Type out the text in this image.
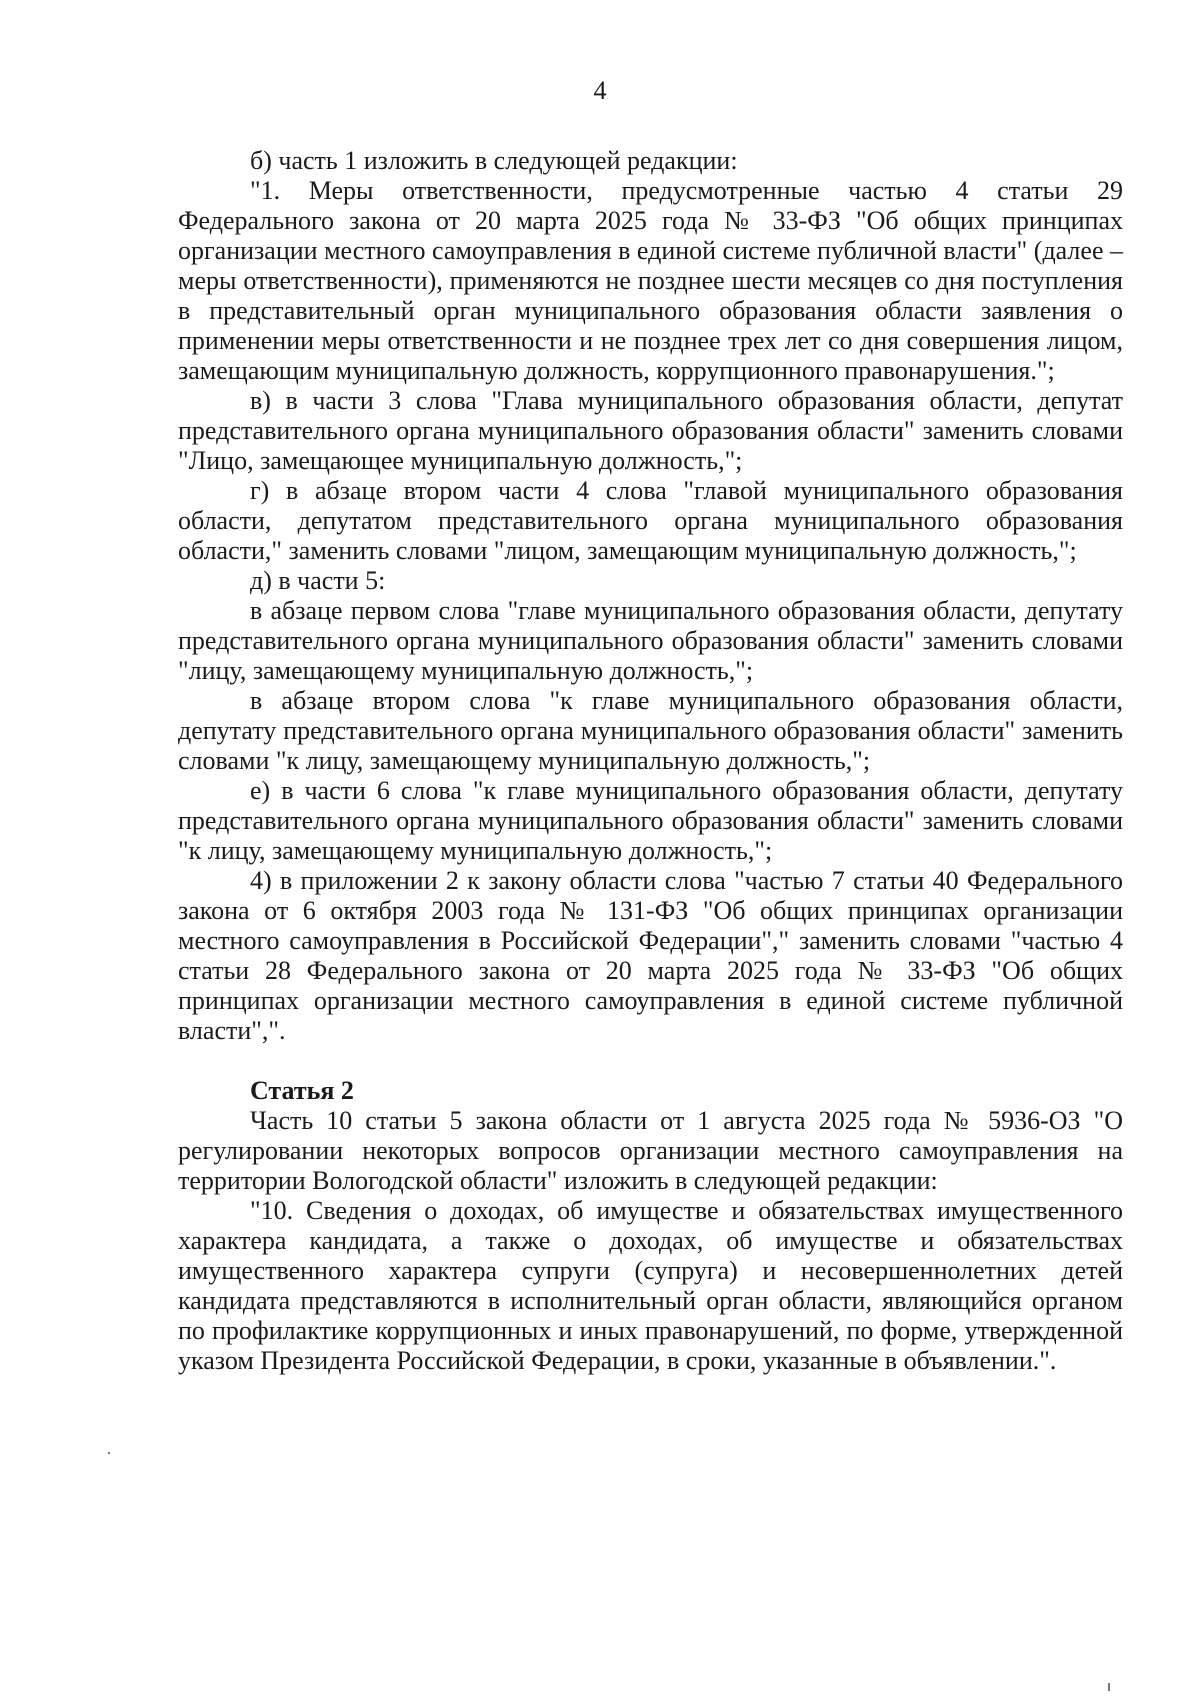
4

б) часть 1 изложить в следующей редакции:

"1. Меры ответственности, предусмотренные частью 4 статьи 29 Федерального закона от 20 марта 2025 года № 33-ФЗ "Об общих принципах организации местного самоуправления в единой системе публичной власти" (далее – меры ответственности), применяются не позднее шести месяцев со дня поступления в представительный орган муниципального образования области заявления о применении меры ответственности и не позднее трех лет со дня совершения лицом, замещающим муниципальную должность, коррупционного правонарушения.";

в) в части 3 слова "Глава муниципального образования области, депутат представительного органа муниципального образования области" заменить словами "Лицо, замещающее муниципальную должность,";

г) в абзаце втором части 4 слова "главой муниципального образования области, депутатом представительного органа муниципального образования области," заменить словами "лицом, замещающим муниципальную должность,";

д) в части 5:

в абзаце первом слова "главе муниципального образования области, депутату представительного органа муниципального образования области" заменить словами "лицу, замещающему муниципальную должность,";

в абзаце втором слова "к главе муниципального образования области, депутату представительного органа муниципального образования области" заменить словами "к лицу, замещающему муниципальную должность,";

е) в части 6 слова "к главе муниципального образования области, депутату представительного органа муниципального образования области" заменить словами "к лицу, замещающему муниципальную должность,";

4) в приложении 2 к закону области слова "частью 7 статьи 40 Федерального закона от 6 октября 2003 года № 131-ФЗ "Об общих принципах организации местного самоуправления в Российской Федерации"," заменить словами "частью 4 статьи 28 Федерального закона от 20 марта 2025 года № 33-ФЗ "Об общих принципах организации местного самоуправления в единой системе публичной власти",".

Статья 2

Часть 10 статьи 5 закона области от 1 августа 2025 года № 5936-ОЗ "О регулировании некоторых вопросов организации местного самоуправления на территории Вологодской области" изложить в следующей редакции:

"10. Сведения о доходах, об имуществе и обязательствах имущественного характера кандидата, а также о доходах, об имуществе и обязательствах имущественного характера супруги (супруга) и несовершеннолетних детей кандидата представляются в исполнительный орган области, являющийся органом по профилактике коррупционных и иных правонарушений, по форме, утвержденной указом Президента Российской Федерации, в сроки, указанные в объявлении.".
